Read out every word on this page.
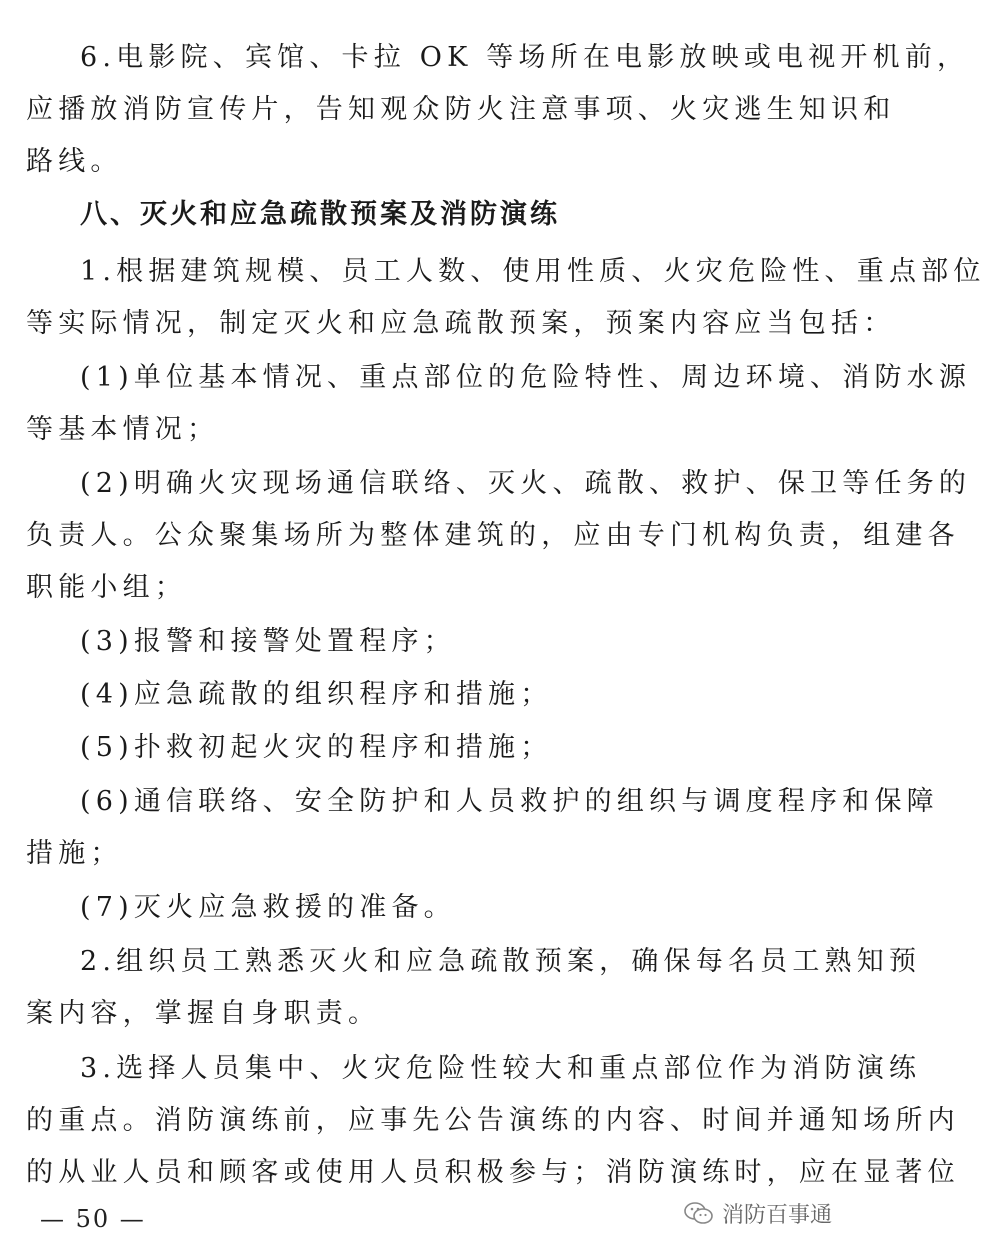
6.电影院、宾馆、卡拉 OK 等场所在电影放映或电视开机前，
应播放消防宣传片，告知观众防火注意事项、火灾逃生知识和
路线。
八、灭火和应急疏散预案及消防演练
1.根据建筑规模、员工人数、使用性质、火灾危险性、重点部位
等实际情况，制定灭火和应急疏散预案，预案内容应当包括：
(1)单位基本情况、重点部位的危险特性、周边环境、消防水源
等基本情况；
(2)明确火灾现场通信联络、灭火、疏散、救护、保卫等任务的
负责人。公众聚集场所为整体建筑的，应由专门机构负责，组建各
职能小组；
(3)报警和接警处置程序；
(4)应急疏散的组织程序和措施；
(5)扑救初起火灾的程序和措施；
(6)通信联络、安全防护和人员救护的组织与调度程序和保障
措施；
(7)灭火应急救援的准备。
2.组织员工熟悉灭火和应急疏散预案，确保每名员工熟知预
案内容，掌握自身职责。
3.选择人员集中、火灾危险性较大和重点部位作为消防演练
的重点。消防演练前，应事先公告演练的内容、时间并通知场所内
的从业人员和顾客或使用人员积极参与；消防演练时，应在显著位
— 50 —	消防百事通
